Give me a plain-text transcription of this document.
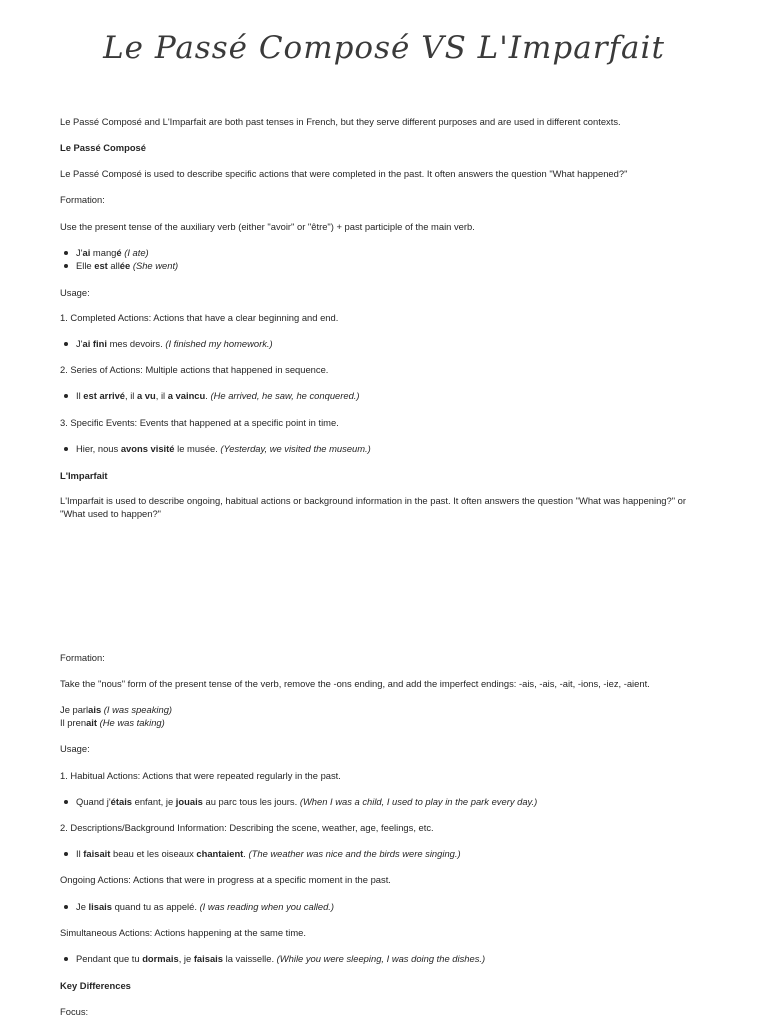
Le Passé Composé VS L'Imparfait

Le Passé Composé and L'Imparfait are both past tenses in French, but they serve different purposes and are used in different contexts.

Le Passé Composé

Le Passé Composé is used to describe specific actions that were completed in the past. It often answers the question "What happened?"

Formation:

Use the present tense of the auxiliary verb (either "avoir" or "être") + past participle of the main verb.

J'ai mangé (I ate)
Elle est allée (She went)

Usage:

1. Completed Actions: Actions that have a clear beginning and end.

J'ai fini mes devoirs. (I finished my homework.)

2. Series of Actions: Multiple actions that happened in sequence.

Il est arrivé, il a vu, il a vaincu. (He arrived, he saw, he conquered.)

3. Specific Events: Events that happened at a specific point in time.

Hier, nous avons visité le musée. (Yesterday, we visited the museum.)

L'Imparfait

L'Imparfait is used to describe ongoing, habitual actions or background information in the past. It often answers the question "What was happening?" or "What used to happen?"

Formation:

Take the "nous" form of the present tense of the verb, remove the -ons ending, and add the imperfect endings: -ais, -ais, -ait, -ions, -iez, -aient.

Je parlais (I was speaking)
Il prenait (He was taking)

Usage:

1. Habitual Actions: Actions that were repeated regularly in the past.

Quand j'étais enfant, je jouais au parc tous les jours. (When I was a child, I used to play in the park every day.)

2. Descriptions/Background Information: Describing the scene, weather, age, feelings, etc.

Il faisait beau et les oiseaux chantaient. (The weather was nice and the birds were singing.)

Ongoing Actions: Actions that were in progress at a specific moment in the past.

Je lisais quand tu as appelé. (I was reading when you called.)

Simultaneous Actions: Actions happening at the same time.

Pendant que tu dormais, je faisais la vaisselle. (While you were sleeping, I was doing the dishes.)

Key Differences

Focus:
